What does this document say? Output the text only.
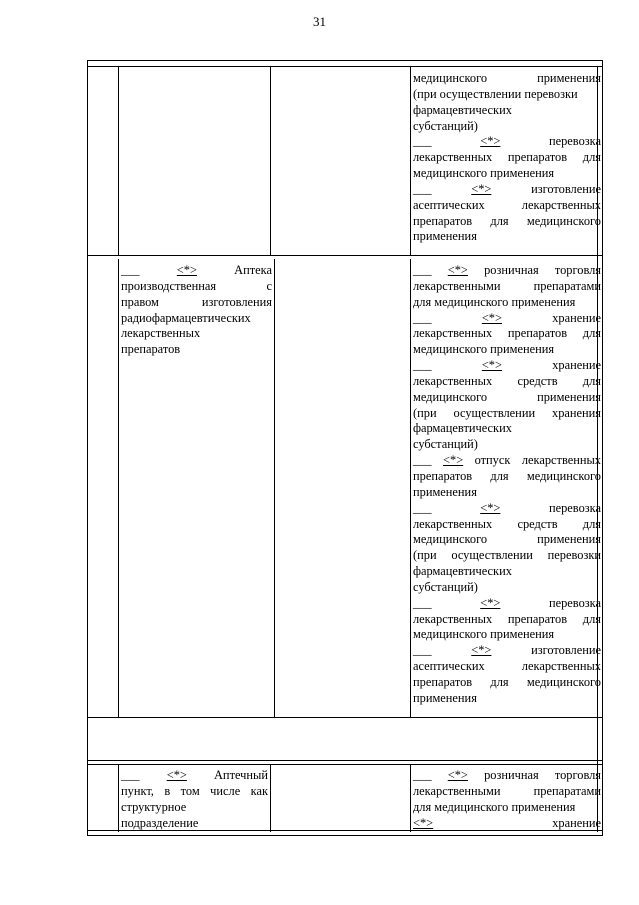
31
медицинского применения
(при осуществлении перевозки
фармацевтических
субстанций)
___ <*> перевозка
лекарственных препаратов для
медицинского применения
___ <*> изготовление
асептических лекарственных
препаратов для медицинского
применения
___ <*> Аптека
производственная с
правом изготовления
радиофармацевтических
лекарственных
препаратов
___ <*> розничная торговля
лекарственными препаратами
для медицинского применения
___ <*> хранение
лекарственных препаратов для
медицинского применения
___ <*> хранение
лекарственных средств для
медицинского применения
(при осуществлении хранения
фармацевтических
субстанций)
___ <*> отпуск лекарственных
препаратов для медицинского
применения
___ <*> перевозка
лекарственных средств для
медицинского применения
(при осуществлении перевозки
фармацевтических
субстанций)
___ <*> перевозка
лекарственных препаратов для
медицинского применения
___ <*> изготовление
асептических лекарственных
препаратов для медицинского
применения
___ <*> Аптечный
пункт, в том числе как
структурное
подразделение
___ <*> розничная торговля
лекарственными препаратами
для медицинского применения
<*> хранение
